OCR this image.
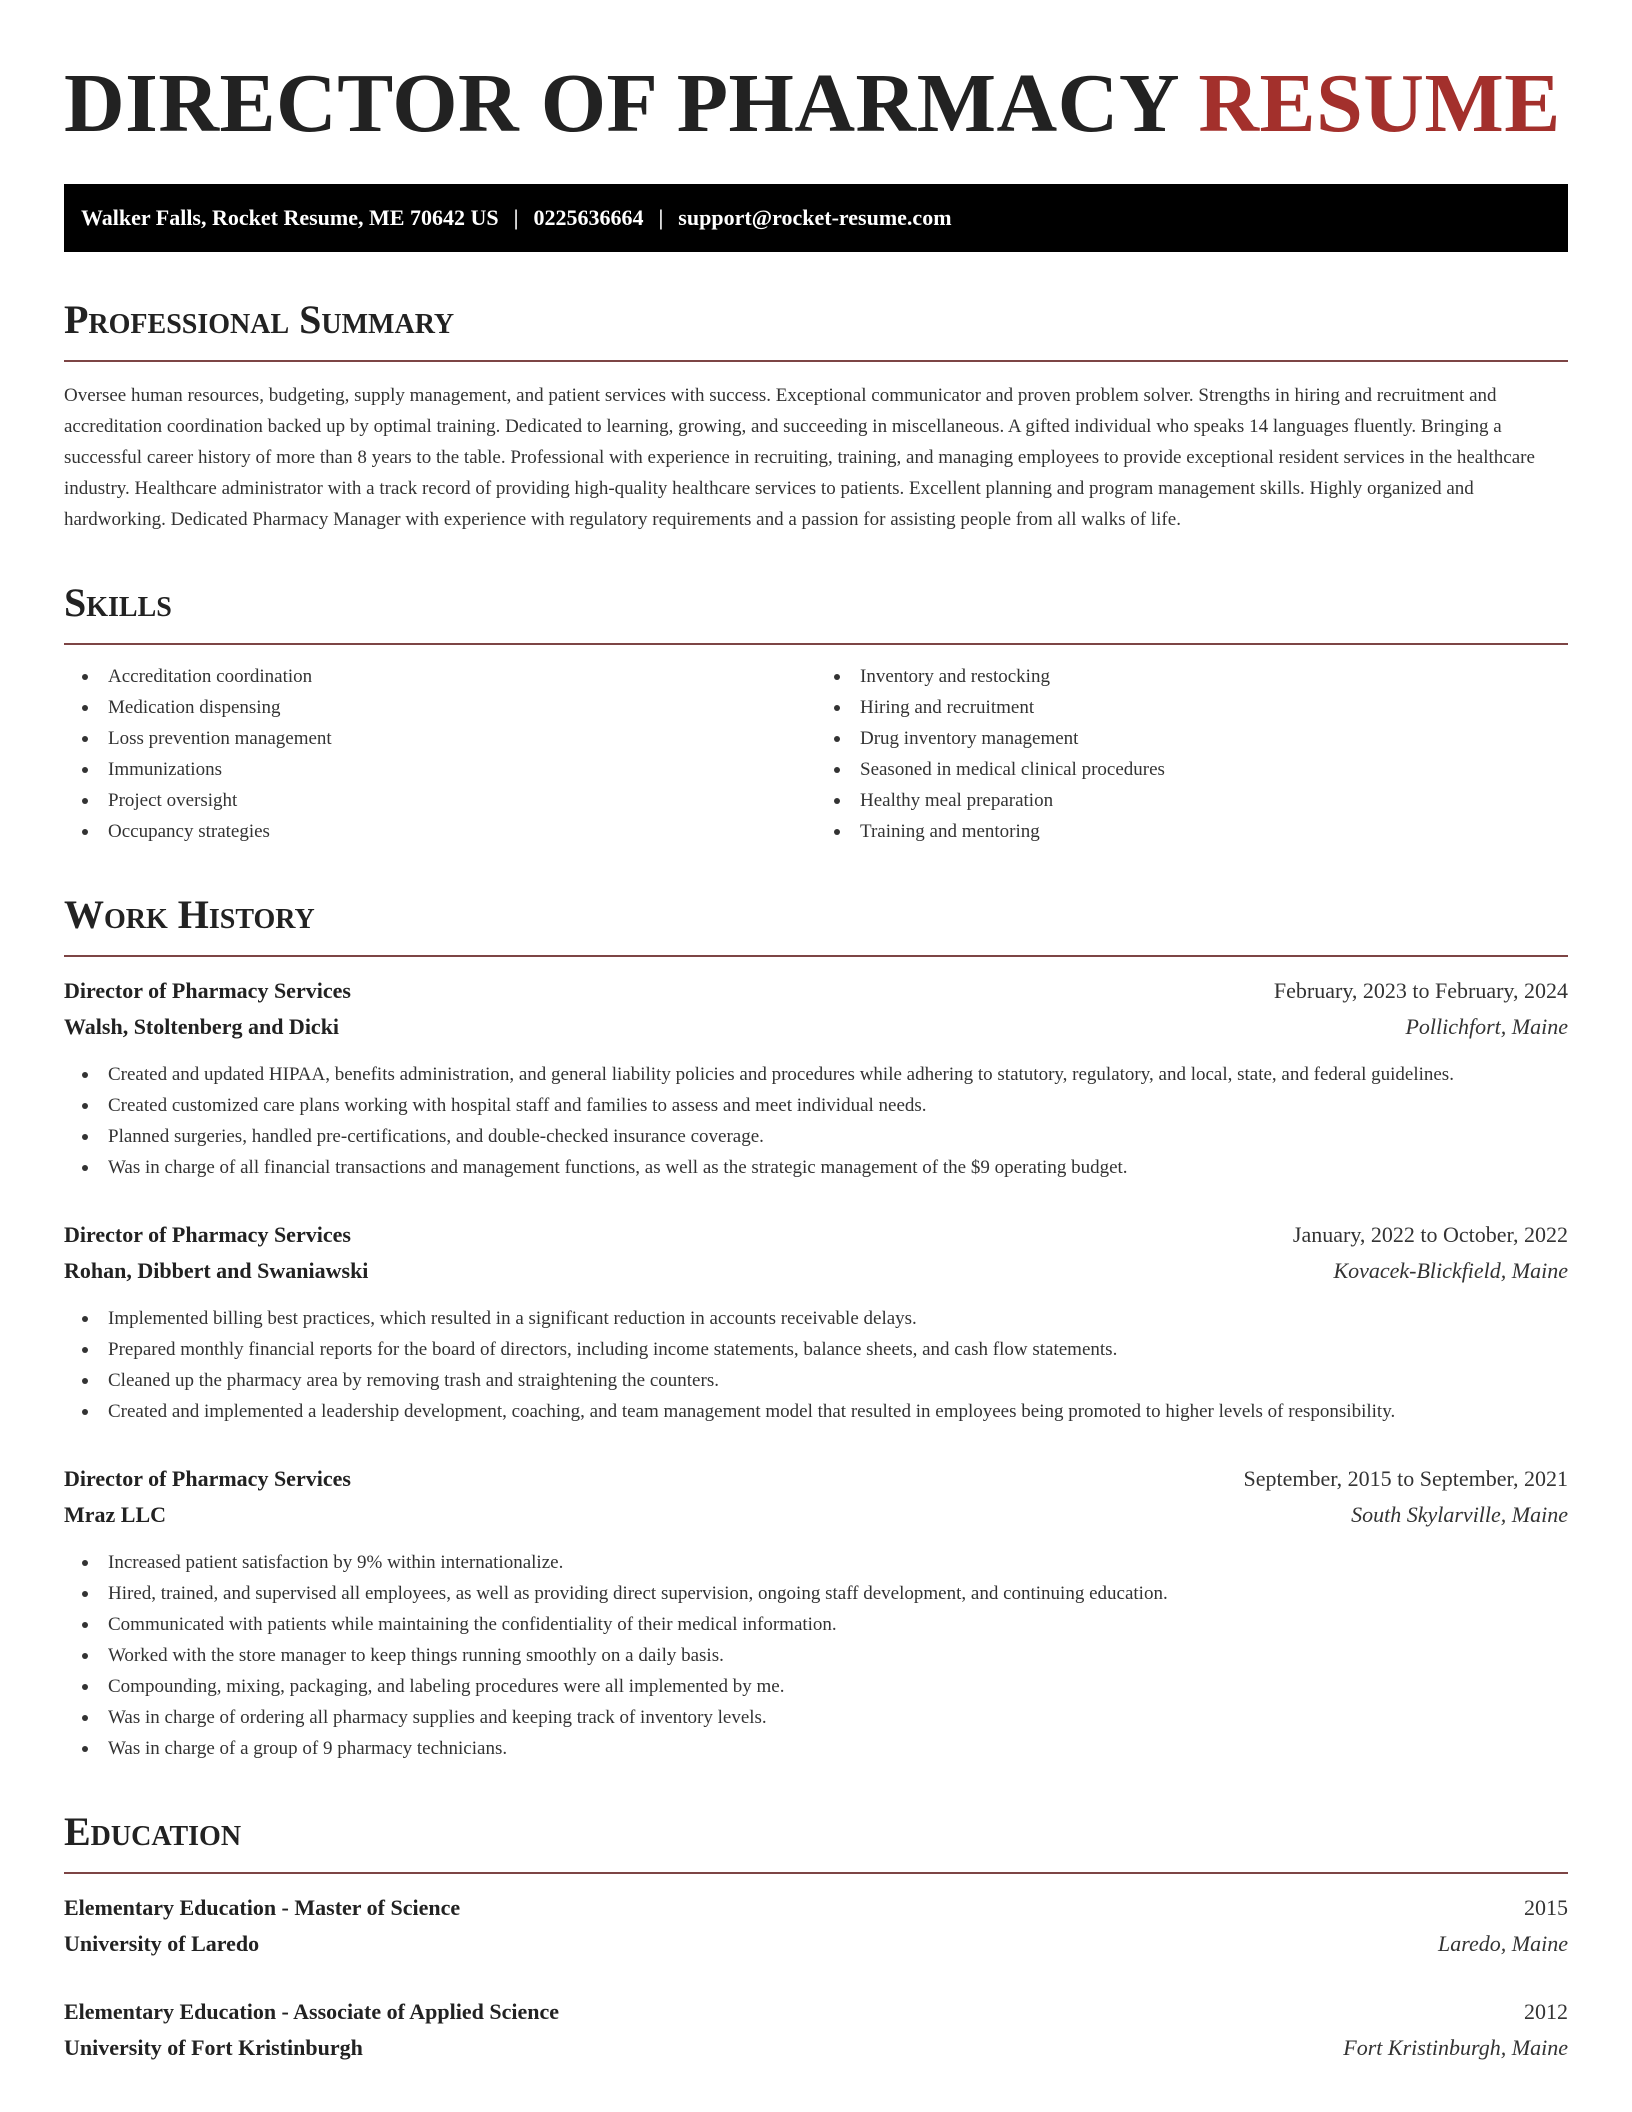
DIRECTOR OF PHARMACY RESUME
Walker Falls, Rocket Resume, ME 70642 US | 0225636664 | support@rocket-resume.com
Professional Summary

Oversee human resources, budgeting, supply management, and patient services with success. Exceptional communicator and proven problem solver. Strengths in hiring and recruitment and accreditation coordination backed up by optimal training. Dedicated to learning, growing, and succeeding in miscellaneous. A gifted individual who speaks 14 languages fluently. Bringing a successful career history of more than 8 years to the table. Professional with experience in recruiting, training, and managing employees to provide exceptional resident services in the healthcare industry. Healthcare administrator with a track record of providing high-quality healthcare services to patients. Excellent planning and program management skills. Highly organized and hardworking. Dedicated Pharmacy Manager with experience with regulatory requirements and a passion for assisting people from all walks of life.

Skills
Accreditation coordination
Medication dispensing
Loss prevention management
Immunizations
Project oversight
Occupancy strategies
Inventory and restocking
Hiring and recruitment
Drug inventory management
Seasoned in medical clinical procedures
Healthy meal preparation
Training and mentoring
Work History
Director of Pharmacy Services	February, 2023 to February, 2024
Walsh, Stoltenberg and Dicki	Pollichfort, Maine
Created and updated HIPAA, benefits administration, and general liability policies and procedures while adhering to statutory, regulatory, and local, state, and federal guidelines.
Created customized care plans working with hospital staff and families to assess and meet individual needs.
Planned surgeries, handled pre-certifications, and double-checked insurance coverage.
Was in charge of all financial transactions and management functions, as well as the strategic management of the $9 operating budget.
Director of Pharmacy Services	January, 2022 to October, 2022
Rohan, Dibbert and Swaniawski	Kovacek-Blickfield, Maine
Implemented billing best practices, which resulted in a significant reduction in accounts receivable delays.
Prepared monthly financial reports for the board of directors, including income statements, balance sheets, and cash flow statements.
Cleaned up the pharmacy area by removing trash and straightening the counters.
Created and implemented a leadership development, coaching, and team management model that resulted in employees being promoted to higher levels of responsibility.
Director of Pharmacy Services	September, 2015 to September, 2021
Mraz LLC	South Skylarville, Maine
Increased patient satisfaction by 9% within internationalize.
Hired, trained, and supervised all employees, as well as providing direct supervision, ongoing staff development, and continuing education.
Communicated with patients while maintaining the confidentiality of their medical information.
Worked with the store manager to keep things running smoothly on a daily basis.
Compounding, mixing, packaging, and labeling procedures were all implemented by me.
Was in charge of ordering all pharmacy supplies and keeping track of inventory levels.
Was in charge of a group of 9 pharmacy technicians.
Education
Elementary Education - Master of Science	2015
University of Laredo	Laredo, Maine
Elementary Education - Associate of Applied Science	2012
University of Fort Kristinburgh	Fort Kristinburgh, Maine
